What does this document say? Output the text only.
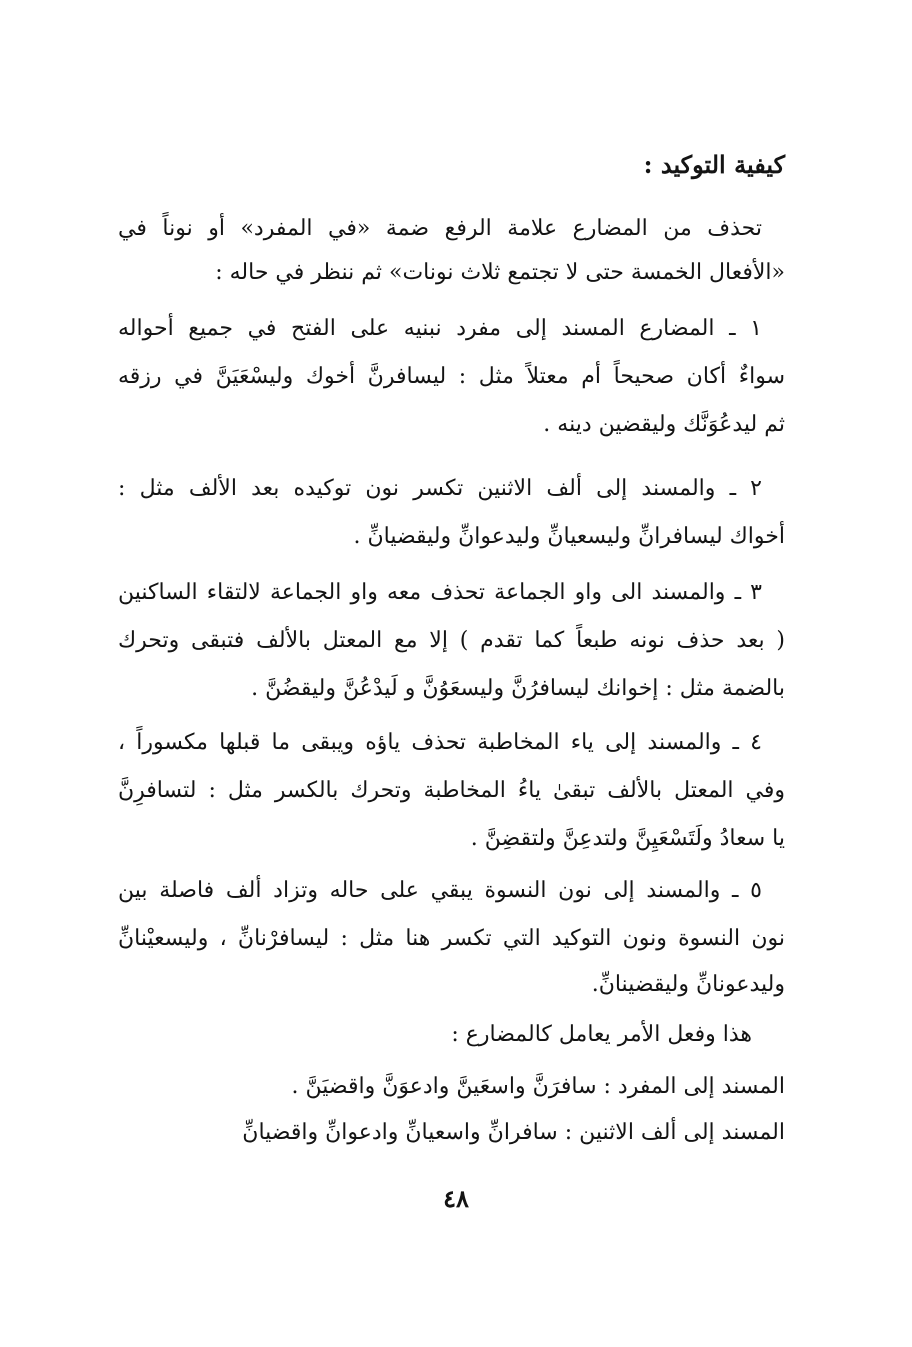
كيفية التوكيد :
تحذف من المضارع علامة الرفع ضمة «في المفرد» أو نوناً في
«الأفعال الخمسة حتى لا تجتمع ثلاث نونات» ثم ننظر في حاله :
١ ـ المضارع المسند إلى مفرد نبنيه على الفتح في جميع أحواله
سواءٌ أكان صحيحاً أم معتلاً مثل : ليسافرنَّ أخوك وليسْعَيَنَّ في رزقه
ثم ليدعُوَنَّك وليقضين دينه .
٢ ـ والمسند إلى ألف الاثنين تكسر نون توكيده بعد الألف مثل :
أخواك ليسافرانِّ وليسعيانِّ وليدعوانِّ وليقضيانِّ .
٣ ـ والمسند الى واو الجماعة تحذف معه واو الجماعة لالتقاء الساكنين
( بعد حذف نونه طبعاً كما تقدم ) إلا مع المعتل بالألف فتبقى وتحرك
بالضمة مثل : إخوانك ليسافرُنَّ وليسعَوُنَّ و لَيدْعُنَّ وليقضُنَّ .
٤ ـ والمسند إلى ياء المخاطبة تحذف ياؤه ويبقى ما قبلها مكسوراً ،
وفي المعتل بالألف تبقىٰ ياءُ المخاطبة وتحرك بالكسر مثل : لتسافرِنَّ
يا سعادُ ولَتَسْعَيِنَّ ولتدعِنَّ ولتقضِنَّ .
٥ ـ والمسند إلى نون النسوة يبقي على حاله وتزاد ألف فاصلة بين
نون النسوة ونون التوكيد التي تكسر هنا مثل : ليسافرْنانِّ ، وليسعيْنانِّ
وليدعونانِّ وليقضينانِّ.
هذا وفعل الأمر يعامل كالمضارع :
المسند إلى المفرد : سافرَنَّ واسعَينَّ وادعوَنَّ واقضيَنَّ .
المسند إلى ألف الاثنين : سافرانِّ واسعيانِّ وادعوانِّ واقضيانِّ
٤٨
